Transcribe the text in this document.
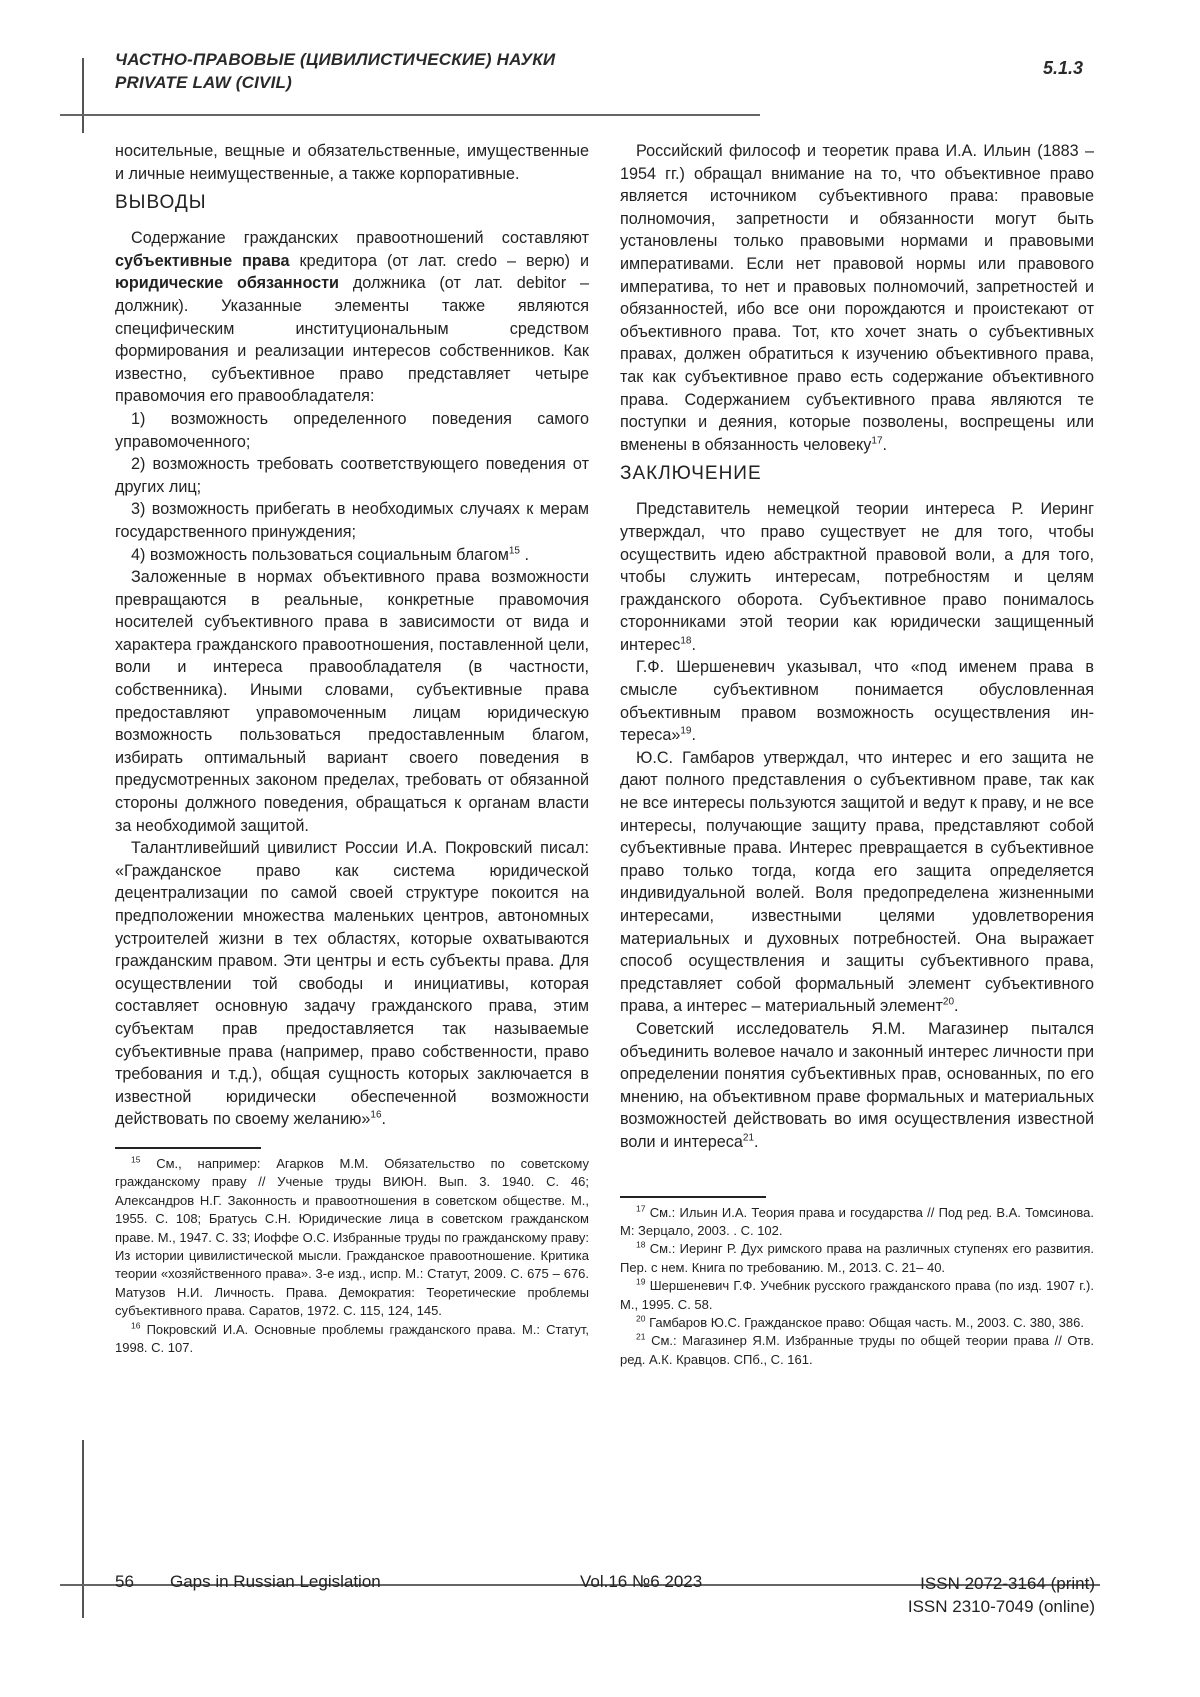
ЧАСТНО-ПРАВОВЫЕ (ЦИВИЛИСТИЧЕСКИЕ) НАУКИ
PRIVATE LAW (CIVIL)
5.1.3

носительные, вещные и обязательственные, имущественные и личные неимущественные, а также корпоративные.

ВЫВОДЫ

Содержание гражданских правоотношений составляют субъективные права кредитора (от лат. credo – верю) и юридические обязанности должника (от лат. debitor – должник). Указанные элементы также являются специфическим институциональным средством формирования и реализации интересов собственников. Как известно, субъективное право представляет четыре правомочия его правообладателя:

1) возможность определенного поведения самого управомоченного;

2) возможность требовать соответствующего поведения от других лиц;

3) возможность прибегать в необходимых случаях к мерам государственного принуждения;

4) возможность пользоваться социальным благом$^{15}$ .

Заложенные в нормах объективного права возможности превращаются в реальные, конкретные правомочия носителей субъективного права в зависимости от вида и характера гражданского правоотношения, поставленной цели, воли и интереса правообладателя (в частности, собственника). Иными словами, субъективные права предоставляют управомоченным лицам юридическую возможность пользоваться предоставленным благом, избирать оптимальный вариант своего поведения в предусмотренных законом пределах, требовать от обязанной стороны должного поведения, обращаться к органам власти за необходимой защитой.

Талантливейший цивилист России И.А. Покровский писал: «Гражданское право как система юридической децентрализации по самой своей структуре покоится на предположении множества маленьких центров, автономных устроителей жизни в тех областях, которые охватываются гражданским правом. Эти центры и есть субъекты права. Для осуществлении той свободы и инициативы, которая составляет основную задачу гражданского права, этим субъектам прав предоставляется так называемые субъективные права (например, право собственности, право требования и т.д.), общая сущность которых заключается в известной юридически обеспеченной возможности действовать по своему желанию»$^{16}$.

$^{15}$ См., например: Агарков М.М. Обязательство по советскому гражданскому праву // Ученые труды ВИЮН. Вып. 3. 1940. С. 46; Александров Н.Г. Законность и правоотношения в советском обществе. М., 1955. С. 108; Братусь С.Н. Юридические лица в советском гражданском праве. М., 1947. С. 33; Иоффе О.С. Избранные труды по гражданскому праву: Из истории цивилистической мысли. Гражданское правоотношение. Критика теории «хозяйственного права». 3-е изд., испр. М.: Статут, 2009. С. 675 – 676. Матузов Н.И. Личность. Права. Демократия: Теоретические проблемы субъективного права. Саратов, 1972. С. 115, 124, 145.

$^{16}$ Покровский И.А. Основные проблемы гражданского права. М.: Статут, 1998. С. 107.

Российский философ и теоретик права И.А. Ильин (1883 – 1954 гг.) обращал внимание на то, что объективное право является источником субъективного права: правовые полномочия, запретности и обязанности могут быть установлены только правовыми нормами и правовыми императивами. Если нет правовой нормы или правового императива, то нет и правовых полномочий, запретностей и обязанностей, ибо все они порождаются и проистекают от объективного права. Тот, кто хочет знать о субъективных правах, должен обратиться к изучению объективного права, так как субъективное право есть содержание объективного права. Содержанием субъективного права являются те поступки и деяния, которые позволены, воспрещены или вменены в обязанность человеку$^{17}$.

ЗАКЛЮЧЕНИЕ

Представитель немецкой теории интереса Р. Иеринг утверждал, что право существует не для того, чтобы осуществить идею абстрактной правовой воли, а для того, чтобы служить интересам, потребностям и целям гражданского оборота. Субъективное право понималось сторонниками этой теории как юридически защищенный интерес$^{18}$.

Г.Ф. Шершеневич указывал, что «под именем права в смысле субъективном понимается обусловленная объективным правом возможность осуществления интереса»$^{19}$.

Ю.С. Гамбаров утверждал, что интерес и его защита не дают полного представления о субъективном праве, так как не все интересы пользуются защитой и ведут к праву, и не все интересы, получающие защиту права, представляют собой субъективные права. Интерес превращается в субъективное право только тогда, когда его защита определяется индивидуальной волей. Воля предопределена жизненными интересами, известными целями удовлетворения материальных и духовных потребностей. Она выражает способ осуществления и защиты субъективного права, представляет собой формальный элемент субъективного права, а интерес – материальный элемент$^{20}$.

Советский исследователь Я.М. Магазинер пытался объединить волевое начало и законный интерес личности при определении понятия субъективных прав, основанных, по его мнению, на объективном праве формальных и материальных возможностей действовать во имя осуществления известной воли и интереса$^{21}$.

$^{17}$ См.: Ильин И.А. Теория права и государства // Под ред. В.А. Томсинова. М: Зерцало, 2003. . С. 102.

$^{18}$ См.: Иеринг Р. Дух римского права на различных ступенях его развития. Пер. с нем. Книга по требованию. М., 2013. С. 21– 40.

$^{19}$ Шершеневич Г.Ф. Учебник русского гражданского права (по изд. 1907 г.). М., 1995. С. 58.

$^{20}$ Гамбаров Ю.С. Гражданское право: Общая часть. М., 2003. С. 380, 386.

$^{21}$ См.: Магазинер Я.М. Избранные труды по общей теории права // Отв. ред. А.К. Кравцов. СПб., С. 161.

56 Gaps in Russian Legislation	Vol.16 №6 2023	ISSN 2072-3164 (print)
ISSN 2310-7049 (online)
